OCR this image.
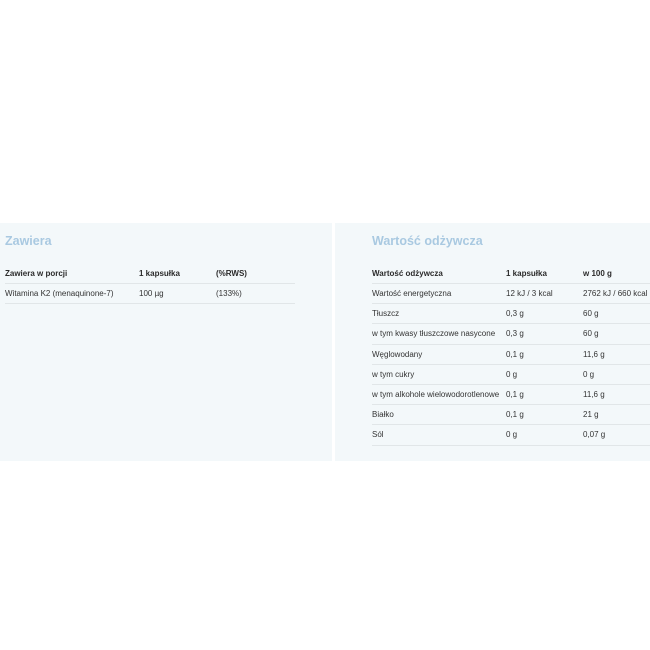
Zawiera
Zawiera w porcji	1 kapsułka	(%RWS)
Witamina K2 (menaquinone-7)	100 µg	(133%)
Wartość odżywcza
Wartość odżywcza	1 kapsułka	w 100 g
Wartość energetyczna	12 kJ / 3 kcal	2762 kJ / 660 kcal
Tłuszcz	0,3 g	60 g
w tym kwasy tłuszczowe nasycone	0,3 g	60 g
Węglowodany	0,1 g	11,6 g
w tym cukry	0 g	0 g
w tym alkohole wielowodorotlenowe	0,1 g	11,6 g
Białko	0,1 g	21 g
Sól	0 g	0,07 g
